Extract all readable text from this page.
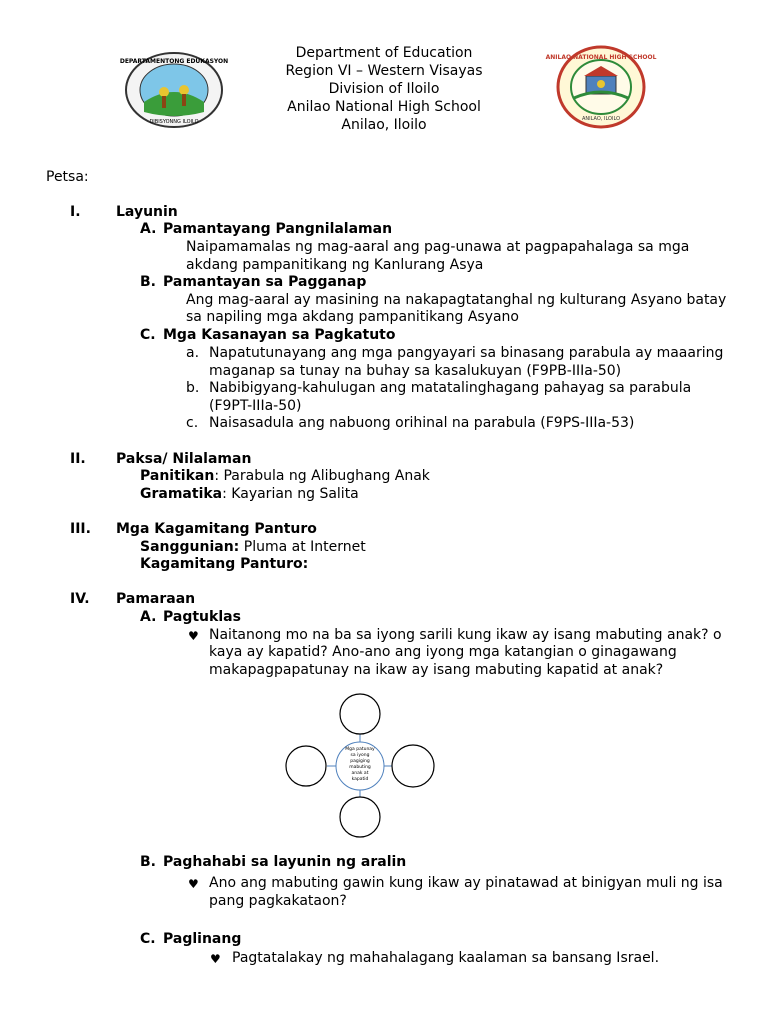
DEPARTAMENTONG EDUKASYON
DIBISYONNG ILOILO
ANILAO NATIONAL HIGH SCHOOL
ANILAO, ILOILO
Department of Education
Region VI – Western Visayas
Division of Iloilo
Anilao National High School
Anilao, Iloilo
Petsa:
I.	Layunin
A. Pamantayang Pangnilalaman
Naipamamalas ng mag-aaral ang pag-unawa at pagpapahalaga sa mga
akdang pampanitikang ng Kanlurang Asya
B. Pamantayan sa Pagganap
Ang mag-aaral ay masining na nakapagtatanghal ng kulturang Asyano batay
sa napiling mga akdang pampanitikang Asyano
C. Mga Kasanayan sa Pagkatuto
a. Napatutunayang ang mga pangyayari sa binasang parabula ay maaaring
maganap sa tunay na buhay sa kasalukuyan (F9PB-IIIa-50)
b. Nabibigyang-kahulugan ang matatalinghagang pahayag sa parabula
(F9PT-IIIa-50)
c. Naisasadula ang nabuong orihinal na parabula (F9PS-IIIa-53)
II. Paksa/ Nilalaman
Panitikan: Parabula ng Alibughang Anak
Gramatika: Kayarian ng Salita
III. Mga Kagamitang Panturo
Sanggunian: Pluma at Internet
Kagamitang Panturo:
IV. Pamaraan
A. Pagtuklas
♥ Naitanong mo na ba sa iyong sarili kung ikaw ay isang mabuting anak? o
kaya ay kapatid? Ano-ano ang iyong mga katangian o ginagawang
makapagpapatunay na ikaw ay isang mabuting kapatid at anak?
Mga patunay
sa iyong
pagiging
mabuting
anak at
kapatid
B. Paghahabi sa layunin ng aralin
♥ Ano ang mabuting gawin kung ikaw ay pinatawad at binigyan muli ng isa
pang pagkakataon?
C. Paglinang
♥ Pagtatalakay ng mahahalagang kaalaman sa bansang Israel.
